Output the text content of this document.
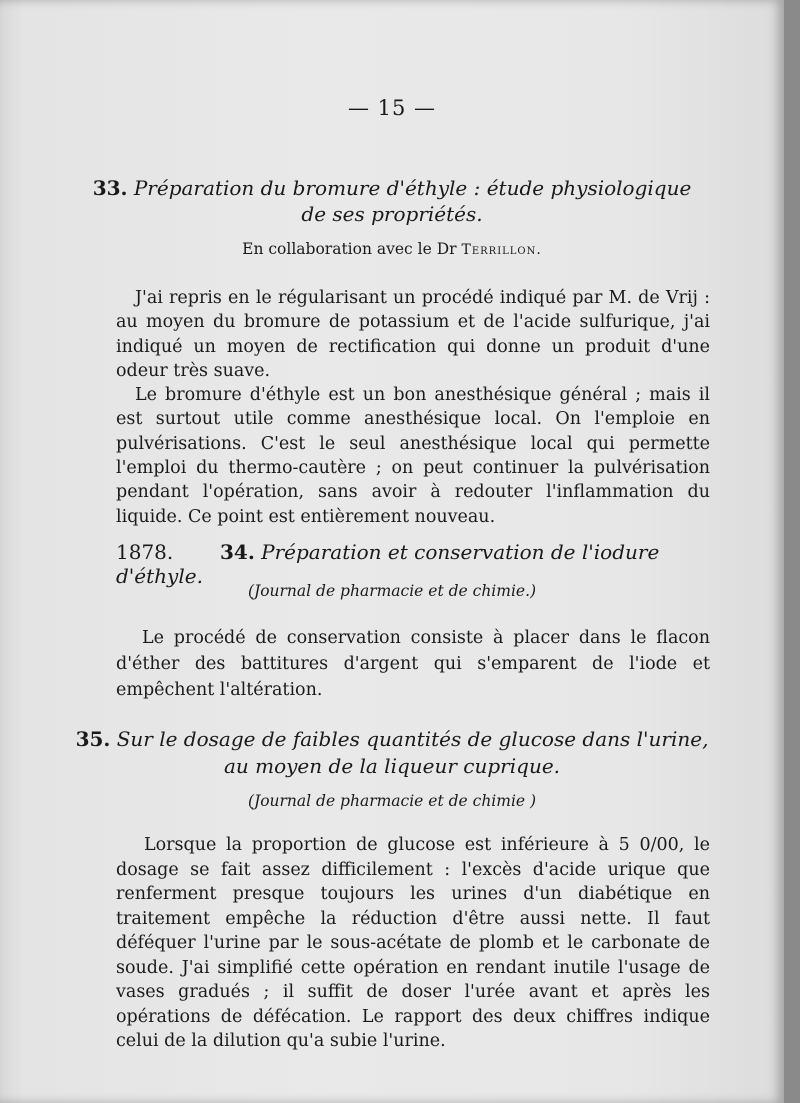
— 15 —
33. Préparation du bromure d'éthyle : étude physiologique
de ses propriétés.
En collaboration avec le Dr Terrillon.

J'ai repris en le régularisant un procédé indiqué par M. de Vrij : au moyen du bromure de potassium et de l'acide sulfurique, j'ai indiqué un moyen de rectification qui donne un produit d'une odeur très suave.

Le bromure d'éthyle est un bon anesthésique général ; mais il est surtout utile comme anesthésique local. On l'emploie en pulvérisations. C'est le seul anesthésique local qui permette l'emploi du thermo-cautère ; on peut continuer la pulvérisation pendant l'opération, sans avoir à redouter l'inflammation du liquide. Ce point est entièrement nouveau.

1878. 34. Préparation et conservation de l'iodure d'éthyle.
(Journal de pharmacie et de chimie.)

Le procédé de conservation consiste à placer dans le flacon d'éther des battitures d'argent qui s'emparent de l'iode et empêchent l'altération.

35. Sur le dosage de faibles quantités de glucose dans l'urine,
au moyen de la liqueur cuprique.
(Journal de pharmacie et de chimie )

Lorsque la proportion de glucose est inférieure à 5 0/00, le dosage se fait assez difficilement : l'excès d'acide urique que renferment presque toujours les urines d'un diabétique en traitement empêche la réduction d'être aussi nette. Il faut déféquer l'urine par le sous-acétate de plomb et le carbonate de soude. J'ai simplifié cette opération en rendant inutile l'usage de vases gradués ; il suffit de doser l'urée avant et après les opérations de défécation. Le rapport des deux chiffres indique celui de la dilution qu'a subie l'urine.
